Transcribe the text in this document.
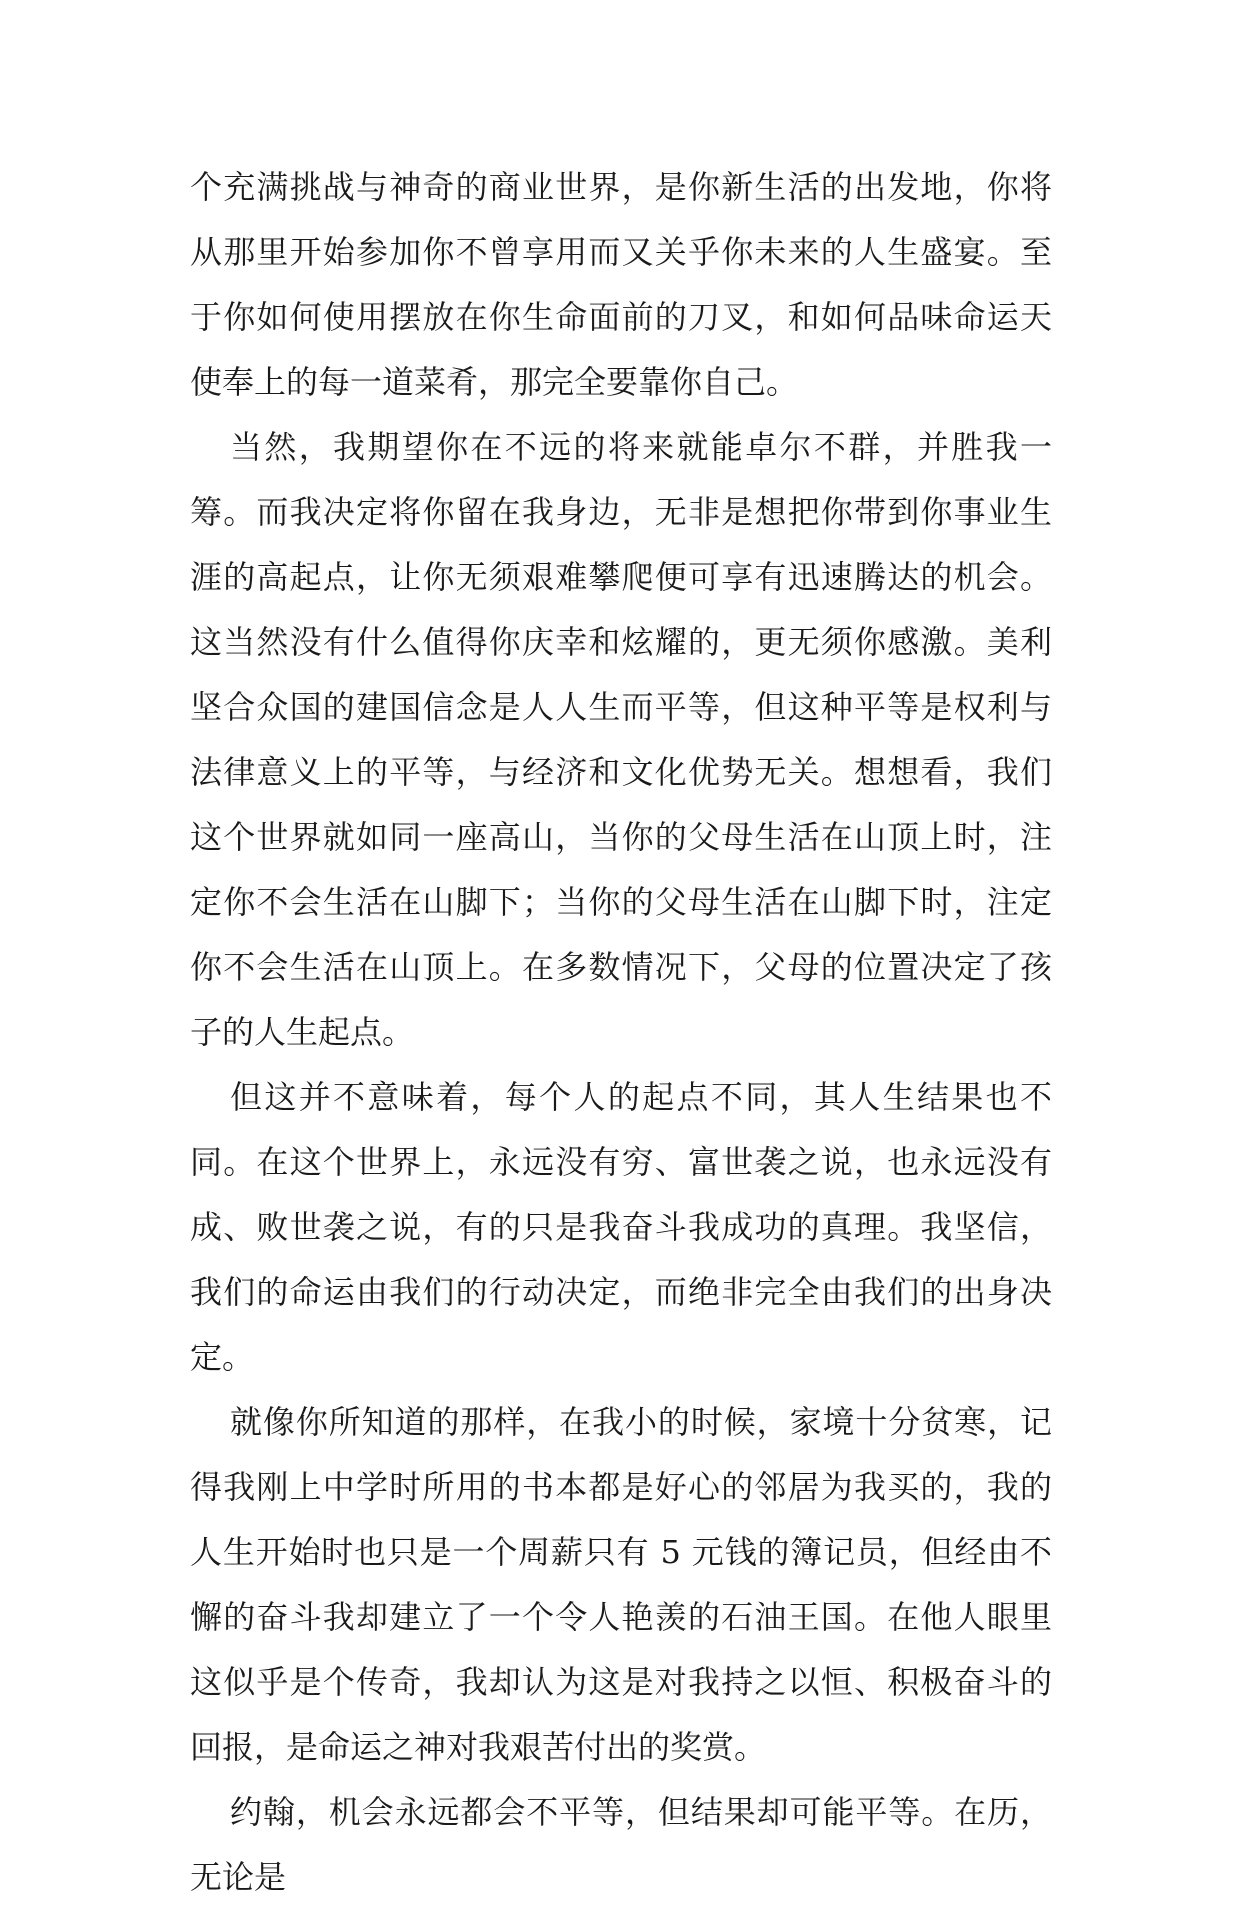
个充满挑战与神奇的商业世界，是你新生活的出发地，你将从那里开始参加你不曾享用而又关乎你未来的人生盛宴。至于你如何使用摆放在你生命面前的刀叉，和如何品味命运天使奉上的每一道菜肴，那完全要靠你自己。

当然，我期望你在不远的将来就能卓尔不群，并胜我一筹。而我决定将你留在我身边，无非是想把你带到你事业生涯的高起点，让你无须艰难攀爬便可享有迅速腾达的机会。这当然没有什么值得你庆幸和炫耀的，更无须你感激。美利坚合众国的建国信念是人人生而平等，但这种平等是权利与法律意义上的平等，与经济和文化优势无关。想想看，我们这个世界就如同一座高山，当你的父母生活在山顶上时，注定你不会生活在山脚下；当你的父母生活在山脚下时，注定你不会生活在山顶上。在多数情况下，父母的位置决定了孩子的人生起点。

但这并不意味着，每个人的起点不同，其人生结果也不同。在这个世界上，永远没有穷、富世袭之说，也永远没有成、败世袭之说，有的只是我奋斗我成功的真理。我坚信，我们的命运由我们的行动决定，而绝非完全由我们的出身决定。

就像你所知道的那样，在我小的时候，家境十分贫寒，记得我刚上中学时所用的书本都是好心的邻居为我买的，我的人生开始时也只是一个周薪只有 5 元钱的簿记员，但经由不懈的奋斗我却建立了一个令人艳羡的石油王国。在他人眼里这似乎是个传奇，我却认为这是对我持之以恒、积极奋斗的回报，是命运之神对我艰苦付出的奖赏。

约翰，机会永远都会不平等，但结果却可能平等。在历，无论是
